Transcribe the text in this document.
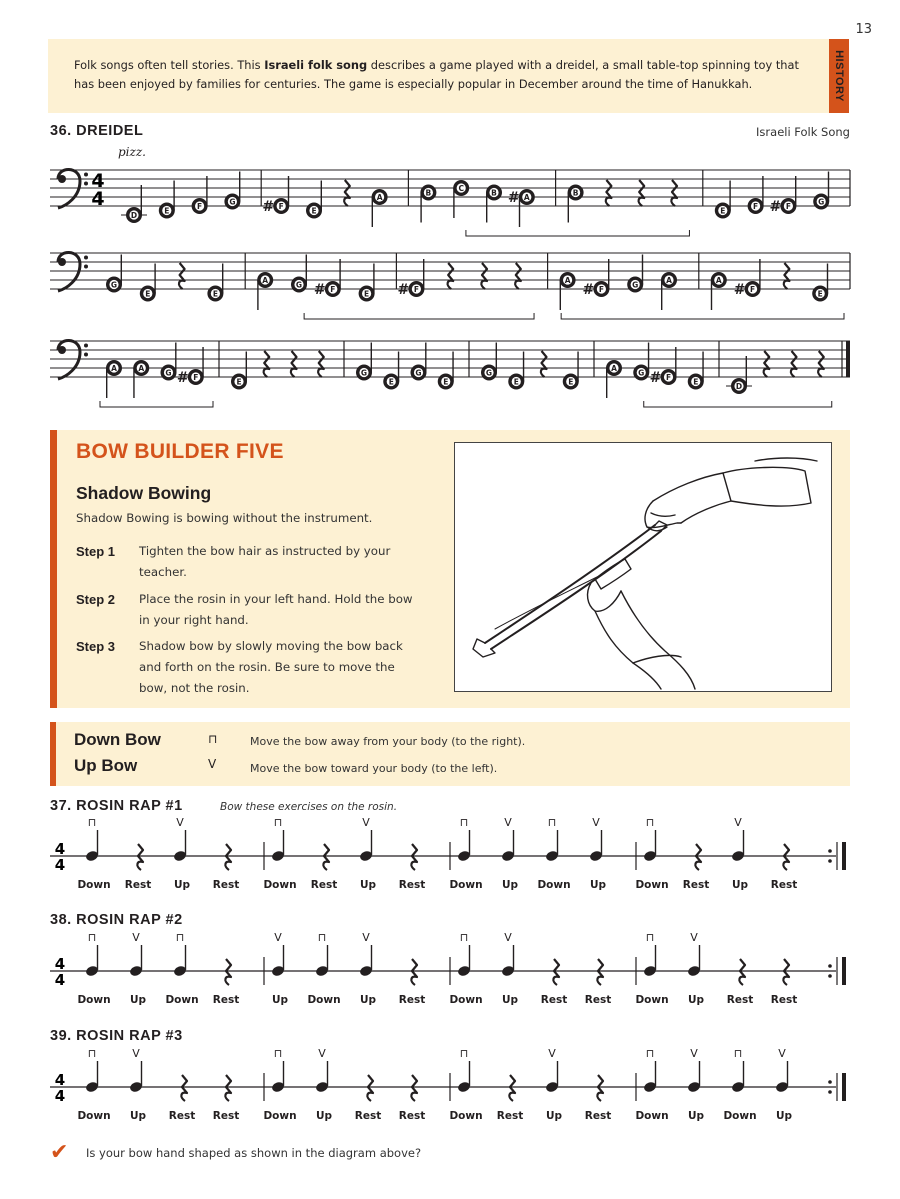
13
Folk songs often tell stories. This Israeli folk song describes a game played with a dreidel, a small table-top spinning toy that has been enjoyed by families for centuries. The game is especially popular in December around the time of Hanukkah.	HISTORY
36. DREIDEL	Israeli Folk Song
pizz.
4
4
D	E	F	G	F
#	E
A	B	C	B	A
#	B
E	F	F
#	G
G
E	E
A	G	F
#	E	F
#
A
F
#	G	A	A
F
#	E
A	A	G	F
#	E
G
E
G
E
G
E	E
A	G	F
#	E	D
BOW BUILDER FIVE
Shadow Bowing
Shadow Bowing is bowing without the instrument.
Step 1 Tighten the bow hair as instructed by your teacher.
Step 2 Place the rosin in your left hand. Hold the bow in your right hand.
Step 3 Shadow bow by slowly moving the bow back and forth on the rosin. Be sure to move the bow, not the rosin.
Down Bow	⊓	Move the bow away from your body (to the right).
Up Bow	V	Move the bow toward your body (to the left).
37. ROSIN RAP #1	Bow these exercises on the rosin.
4
4
⊓
Down Rest
V
Up Rest
⊓
Down Rest
V
Up Rest
⊓
Down
V
Up
⊓
Down
V
Up
⊓
Down Rest
V
Up Rest
38. ROSIN RAP #2
4
4
⊓
Down
V
Up
⊓
Down Rest
V
Up
⊓
Down
V
Up Rest
⊓
Down
V
Up Rest Rest
⊓
Down
V
Up Rest Rest
39. ROSIN RAP #3
4
4
⊓
Down
V
Up Rest Rest
⊓
Down
V
Up Rest Rest
⊓
Down Rest
V
Up Rest
⊓
Down
V
Up
⊓
Down
V
Up
✔ Is your bow hand shaped as shown in the diagram above?
